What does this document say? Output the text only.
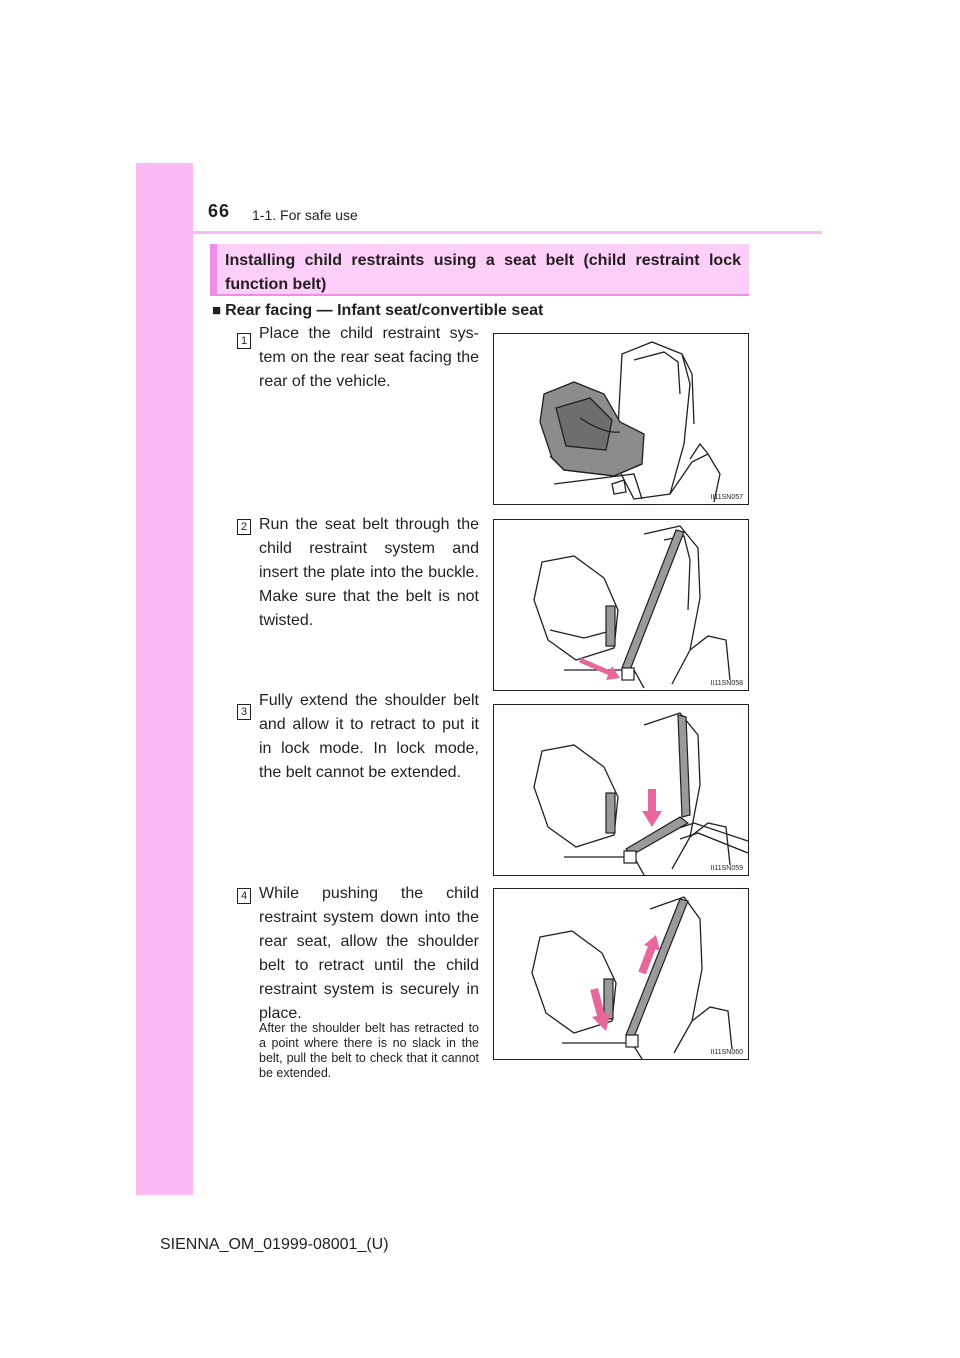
66 1-1. For safe use
Installing child restraints using a seat belt (child restraint lock function belt)
■ Rear facing — Infant seat/convertible seat
1 Place the child restraint sys-tem on the rear seat facing the rear of the vehicle.
II11SN057
2 Run the seat belt through the child restraint system and insert the plate into the buckle. Make sure that the belt is not twisted.
II11SN058
3
Fully extend the shoulder belt and allow it to retract to put it in lock mode. In lock mode, the belt cannot be extended.
II11SN059
4 While pushing the child restraint system down into the rear seat, allow the shoulder belt to retract until the child restraint system is securely in place.
After the shoulder belt has retracted to a point where there is no slack in the belt, pull the belt to check that it cannot be extended.
II11SN060
SIENNA_OM_01999-08001_(U)
